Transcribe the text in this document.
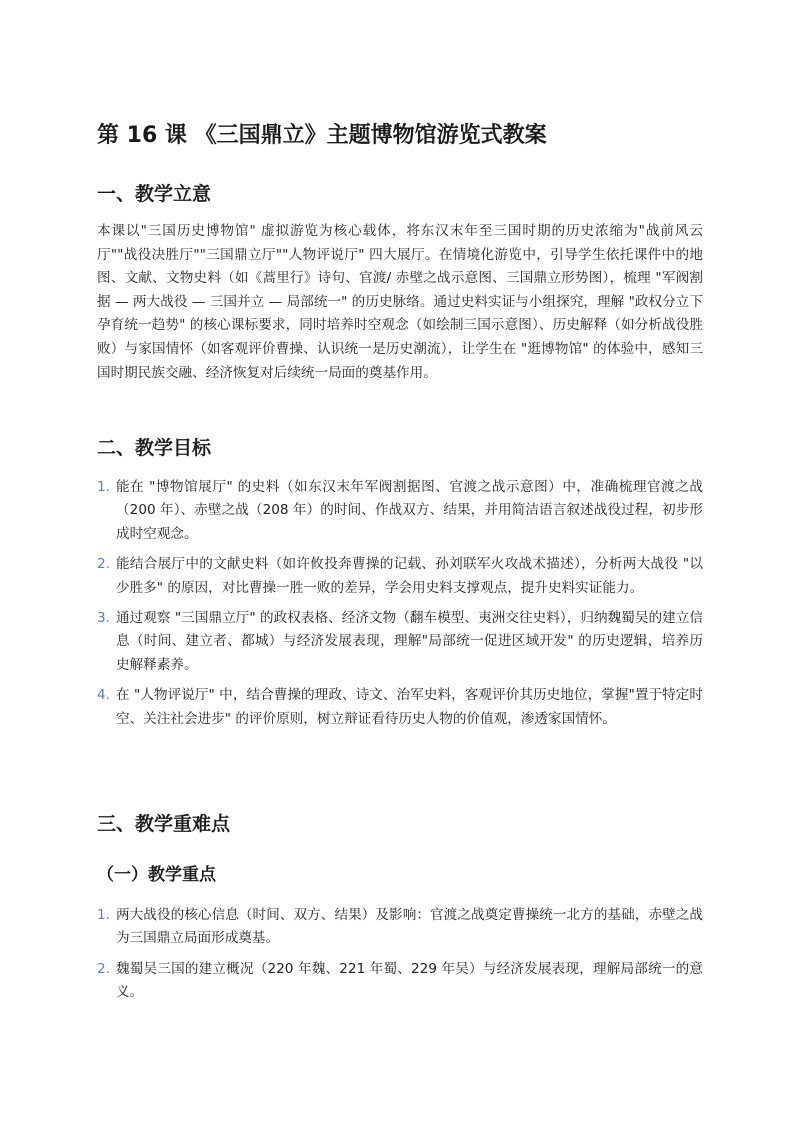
第 16 课 《三国鼎立》主题博物馆游览式教案
一、教学立意

本课以"三国历史博物馆" 虚拟游览为核心载体，将东汉末年至三国时期的历史浓缩为"战前风云厅""战役决胜厅""三国鼎立厅""人物评说厅" 四大展厅。在情境化游览中，引导学生依托课件中的地图、文献、文物史料（如《蒿里行》诗句、官渡/ 赤壁之战示意图、三国鼎立形势图），梳理 "军阀割据 — 两大战役 — 三国并立 — 局部统一" 的历史脉络。通过史料实证与小组探究，理解 "政权分立下孕育统一趋势" 的核心课标要求，同时培养时空观念（如绘制三国示意图）、历史解释（如分析战役胜败）与家国情怀（如客观评价曹操、认识统一是历史潮流），让学生在 "逛博物馆" 的体验中，感知三国时期民族交融、经济恢复对后续统一局面的奠基作用。

二、教学目标
1. 能在 "博物馆展厅" 的史料（如东汉末年军阀割据图、官渡之战示意图）中，准确梳理官渡之战（200 年）、赤壁之战（208 年）的时间、作战双方、结果，并用简洁语言叙述战役过程，初步形成时空观念。
2. 能结合展厅中的文献史料（如许攸投奔曹操的记载、孙刘联军火攻战术描述），分析两大战役 "以少胜多" 的原因，对比曹操一胜一败的差异，学会用史料支撑观点，提升史料实证能力。
3. 通过观察 "三国鼎立厅" 的政权表格、经济文物（翻车模型、夷洲交往史料），归纳魏蜀吴的建立信息（时间、建立者、都城）与经济发展表现，理解"局部统一促进区域开发" 的历史逻辑，培养历史解释素养。
4. 在 "人物评说厅" 中，结合曹操的理政、诗文、治军史料，客观评价其历史地位，掌握"置于特定时空、关注社会进步" 的评价原则，树立辩证看待历史人物的价值观，渗透家国情怀。
三、教学重难点
（一）教学重点
1. 两大战役的核心信息（时间、双方、结果）及影响：官渡之战奠定曹操统一北方的基础，赤壁之战为三国鼎立局面形成奠基。
2. 魏蜀吴三国的建立概况（220 年魏、221 年蜀、229 年吴）与经济发展表现，理解局部统一的意义。
